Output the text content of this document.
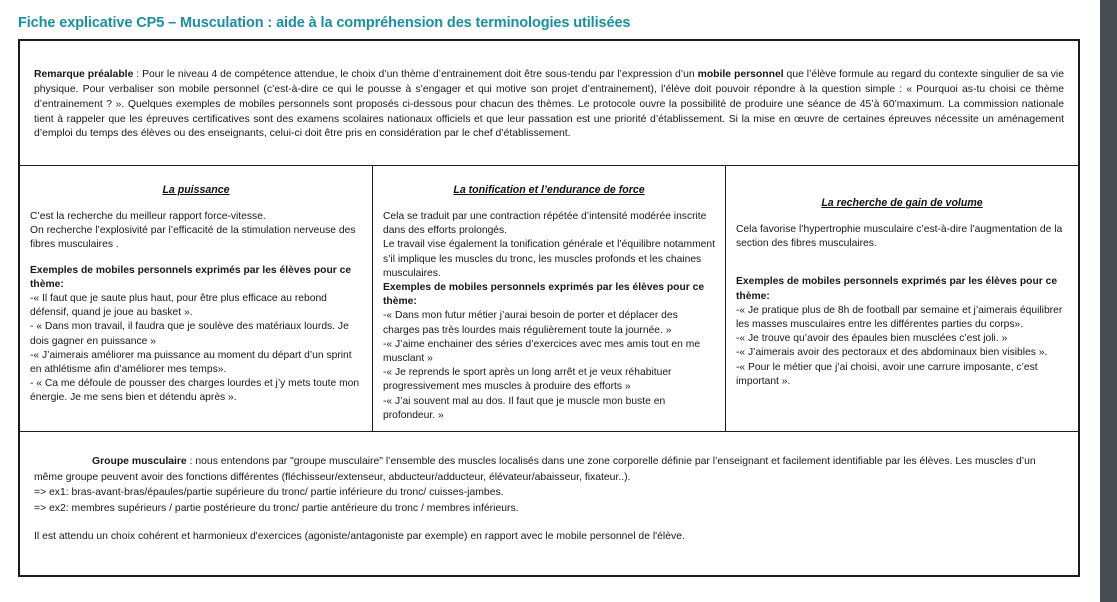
Fiche explicative CP5 – Musculation : aide à la compréhension des terminologies utilisées
Remarque préalable : Pour le niveau 4 de compétence attendue, le choix d’un thème d’entrainement doit être sous-tendu par l’expression d’un mobile personnel que l’élève formule au regard du contexte singulier de sa vie physique. Pour verbaliser son mobile personnel (c’est-à-dire ce qui le pousse à s’engager et qui motive son projet d’entrainement), l’élève doit pouvoir répondre à la question simple : « Pourquoi as-tu choisi ce thème d’entrainement ? ». Quelques exemples de mobiles personnels sont proposés ci-dessous pour chacun des thèmes. Le protocole ouvre la possibilité de produire une séance de 45’à 60’maximum. La commission nationale tient à rappeler que les épreuves certificatives sont des examens scolaires nationaux officiels et que leur passation est une priorité d’établissement. Si la mise en œuvre de certaines épreuves nécessite un aménagement d’emploi du temps des élèves ou des enseignants, celui-ci doit être pris en considération par le chef d’établissement.

La puissance

C’est la recherche du meilleur rapport force-vitesse.

On recherche l’explosivité par l’efficacité de la stimulation nerveuse des fibres musculaires .

Exemples de mobiles personnels exprimés par les élèves pour ce thème:

-« Il faut que je saute plus haut, pour être plus efficace au rebond défensif, quand je joue au basket ».

- « Dans mon travail, il faudra que je soulève des matériaux lourds. Je dois gagner en puissance »

-« J’aimerais améliorer ma puissance au moment du départ d’un sprint en athlétisme afin d’améliorer mes temps».

- « Ca me défoule de pousser des charges lourdes et j’y mets toute mon énergie. Je me sens bien et détendu après ».

La tonification et l’endurance de force

Cela se traduit par une contraction répétée d’intensité modérée inscrite dans des efforts prolongés.

Le travail vise également la tonification générale et l’équilibre notamment s’il implique les muscles du tronc, les muscles profonds et les chaines musculaires.

Exemples de mobiles personnels exprimés par les élèves pour ce thème:

-« Dans mon futur métier j’aurai besoin de porter et déplacer des charges pas très lourdes mais régulièrement toute la journée. »

-« J’aime enchainer des séries d’exercices avec mes amis tout en me musclant »

-« Je reprends le sport après un long arrêt et je veux réhabituer progressivement mes muscles à produire des efforts »

-« J’ai souvent mal au dos. Il faut que je muscle mon buste en profondeur. »

La recherche de gain de volume

Cela favorise l’hypertrophie musculaire c’est-à-dire l’augmentation de la section des fibres musculaires.

Exemples de mobiles personnels exprimés par les élèves pour ce thème:

-« Je pratique plus de 8h de football par semaine et j’aimerais équilibrer les masses musculaires entre les différentes parties du corps».

-« Je trouve qu’avoir des épaules bien musclées c’est joli. »

-« J’aimerais avoir des pectoraux et des abdominaux bien visibles ».

-« Pour le métier que j’ai choisi, avoir une carrure imposante, c’est important ».

Groupe musculaire : nous entendons par "groupe musculaire" l’ensemble des muscles localisés dans une zone corporelle définie par l’enseignant et facilement identifiable par les élèves. Les muscles d’un même groupe peuvent avoir des fonctions différentes (fléchisseur/extenseur, abducteur/adducteur, élévateur/abaisseur, fixateur..).
=> ex1: bras-avant-bras/épaules/partie supérieure du tronc/ partie inférieure du tronc/ cuisses-jambes.
=> ex2: membres supérieurs / partie postérieure du tronc/ partie antérieure du tronc / membres inférieurs.
Il est attendu un choix cohérent et harmonieux d'exercices (agoniste/antagoniste par exemple) en rapport avec le mobile personnel de l'élève.
